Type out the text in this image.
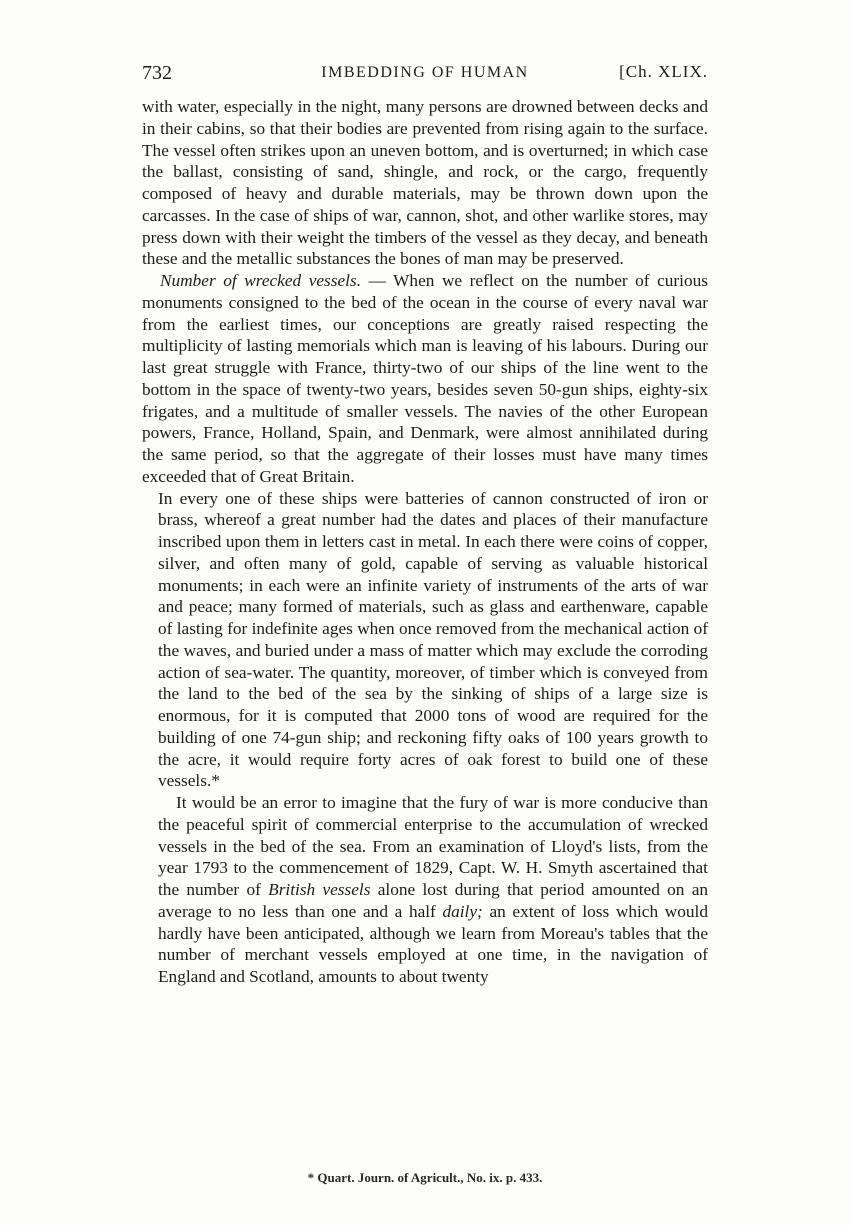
732	IMBEDDING OF HUMAN	[Ch. XLIX.

with water, especially in the night, many persons are drowned between decks and in their cabins, so that their bodies are prevented from rising again to the surface. The vessel often strikes upon an uneven bottom, and is overturned; in which case the ballast, consisting of sand, shingle, and rock, or the cargo, frequently composed of heavy and durable materials, may be thrown down upon the carcasses. In the case of ships of war, cannon, shot, and other warlike stores, may press down with their weight the timbers of the vessel as they decay, and beneath these and the metallic substances the bones of man may be preserved.

Number of wrecked vessels. — When we reflect on the number of curious monuments consigned to the bed of the ocean in the course of every naval war from the earliest times, our conceptions are greatly raised respecting the multiplicity of lasting memorials which man is leaving of his labours. During our last great struggle with France, thirty-two of our ships of the line went to the bottom in the space of twenty-two years, besides seven 50-gun ships, eighty-six frigates, and a multitude of smaller vessels. The navies of the other European powers, France, Holland, Spain, and Denmark, were almost annihilated during the same period, so that the aggregate of their losses must have many times exceeded that of Great Britain.

In every one of these ships were batteries of cannon constructed of iron or brass, whereof a great number had the dates and places of their manufacture inscribed upon them in letters cast in metal. In each there were coins of copper, silver, and often many of gold, capable of serving as valuable historical monuments; in each were an infinite variety of instruments of the arts of war and peace; many formed of materials, such as glass and earthenware, capable of lasting for indefinite ages when once removed from the mechanical action of the waves, and buried under a mass of matter which may exclude the corroding action of sea-water. The quantity, moreover, of timber which is conveyed from the land to the bed of the sea by the sinking of ships of a large size is enormous, for it is computed that 2000 tons of wood are required for the building of one 74-gun ship; and reckoning fifty oaks of 100 years growth to the acre, it would require forty acres of oak forest to build one of these vessels.*

It would be an error to imagine that the fury of war is more conducive than the peaceful spirit of commercial enterprise to the accumulation of wrecked vessels in the bed of the sea. From an examination of Lloyd's lists, from the year 1793 to the commencement of 1829, Capt. W. H. Smyth ascertained that the number of British vessels alone lost during that period amounted on an average to no less than one and a half daily; an extent of loss which would hardly have been anticipated, although we learn from Moreau's tables that the number of merchant vessels employed at one time, in the navigation of England and Scotland, amounts to about twenty

* Quart. Journ. of Agricult., No. ix. p. 433.
